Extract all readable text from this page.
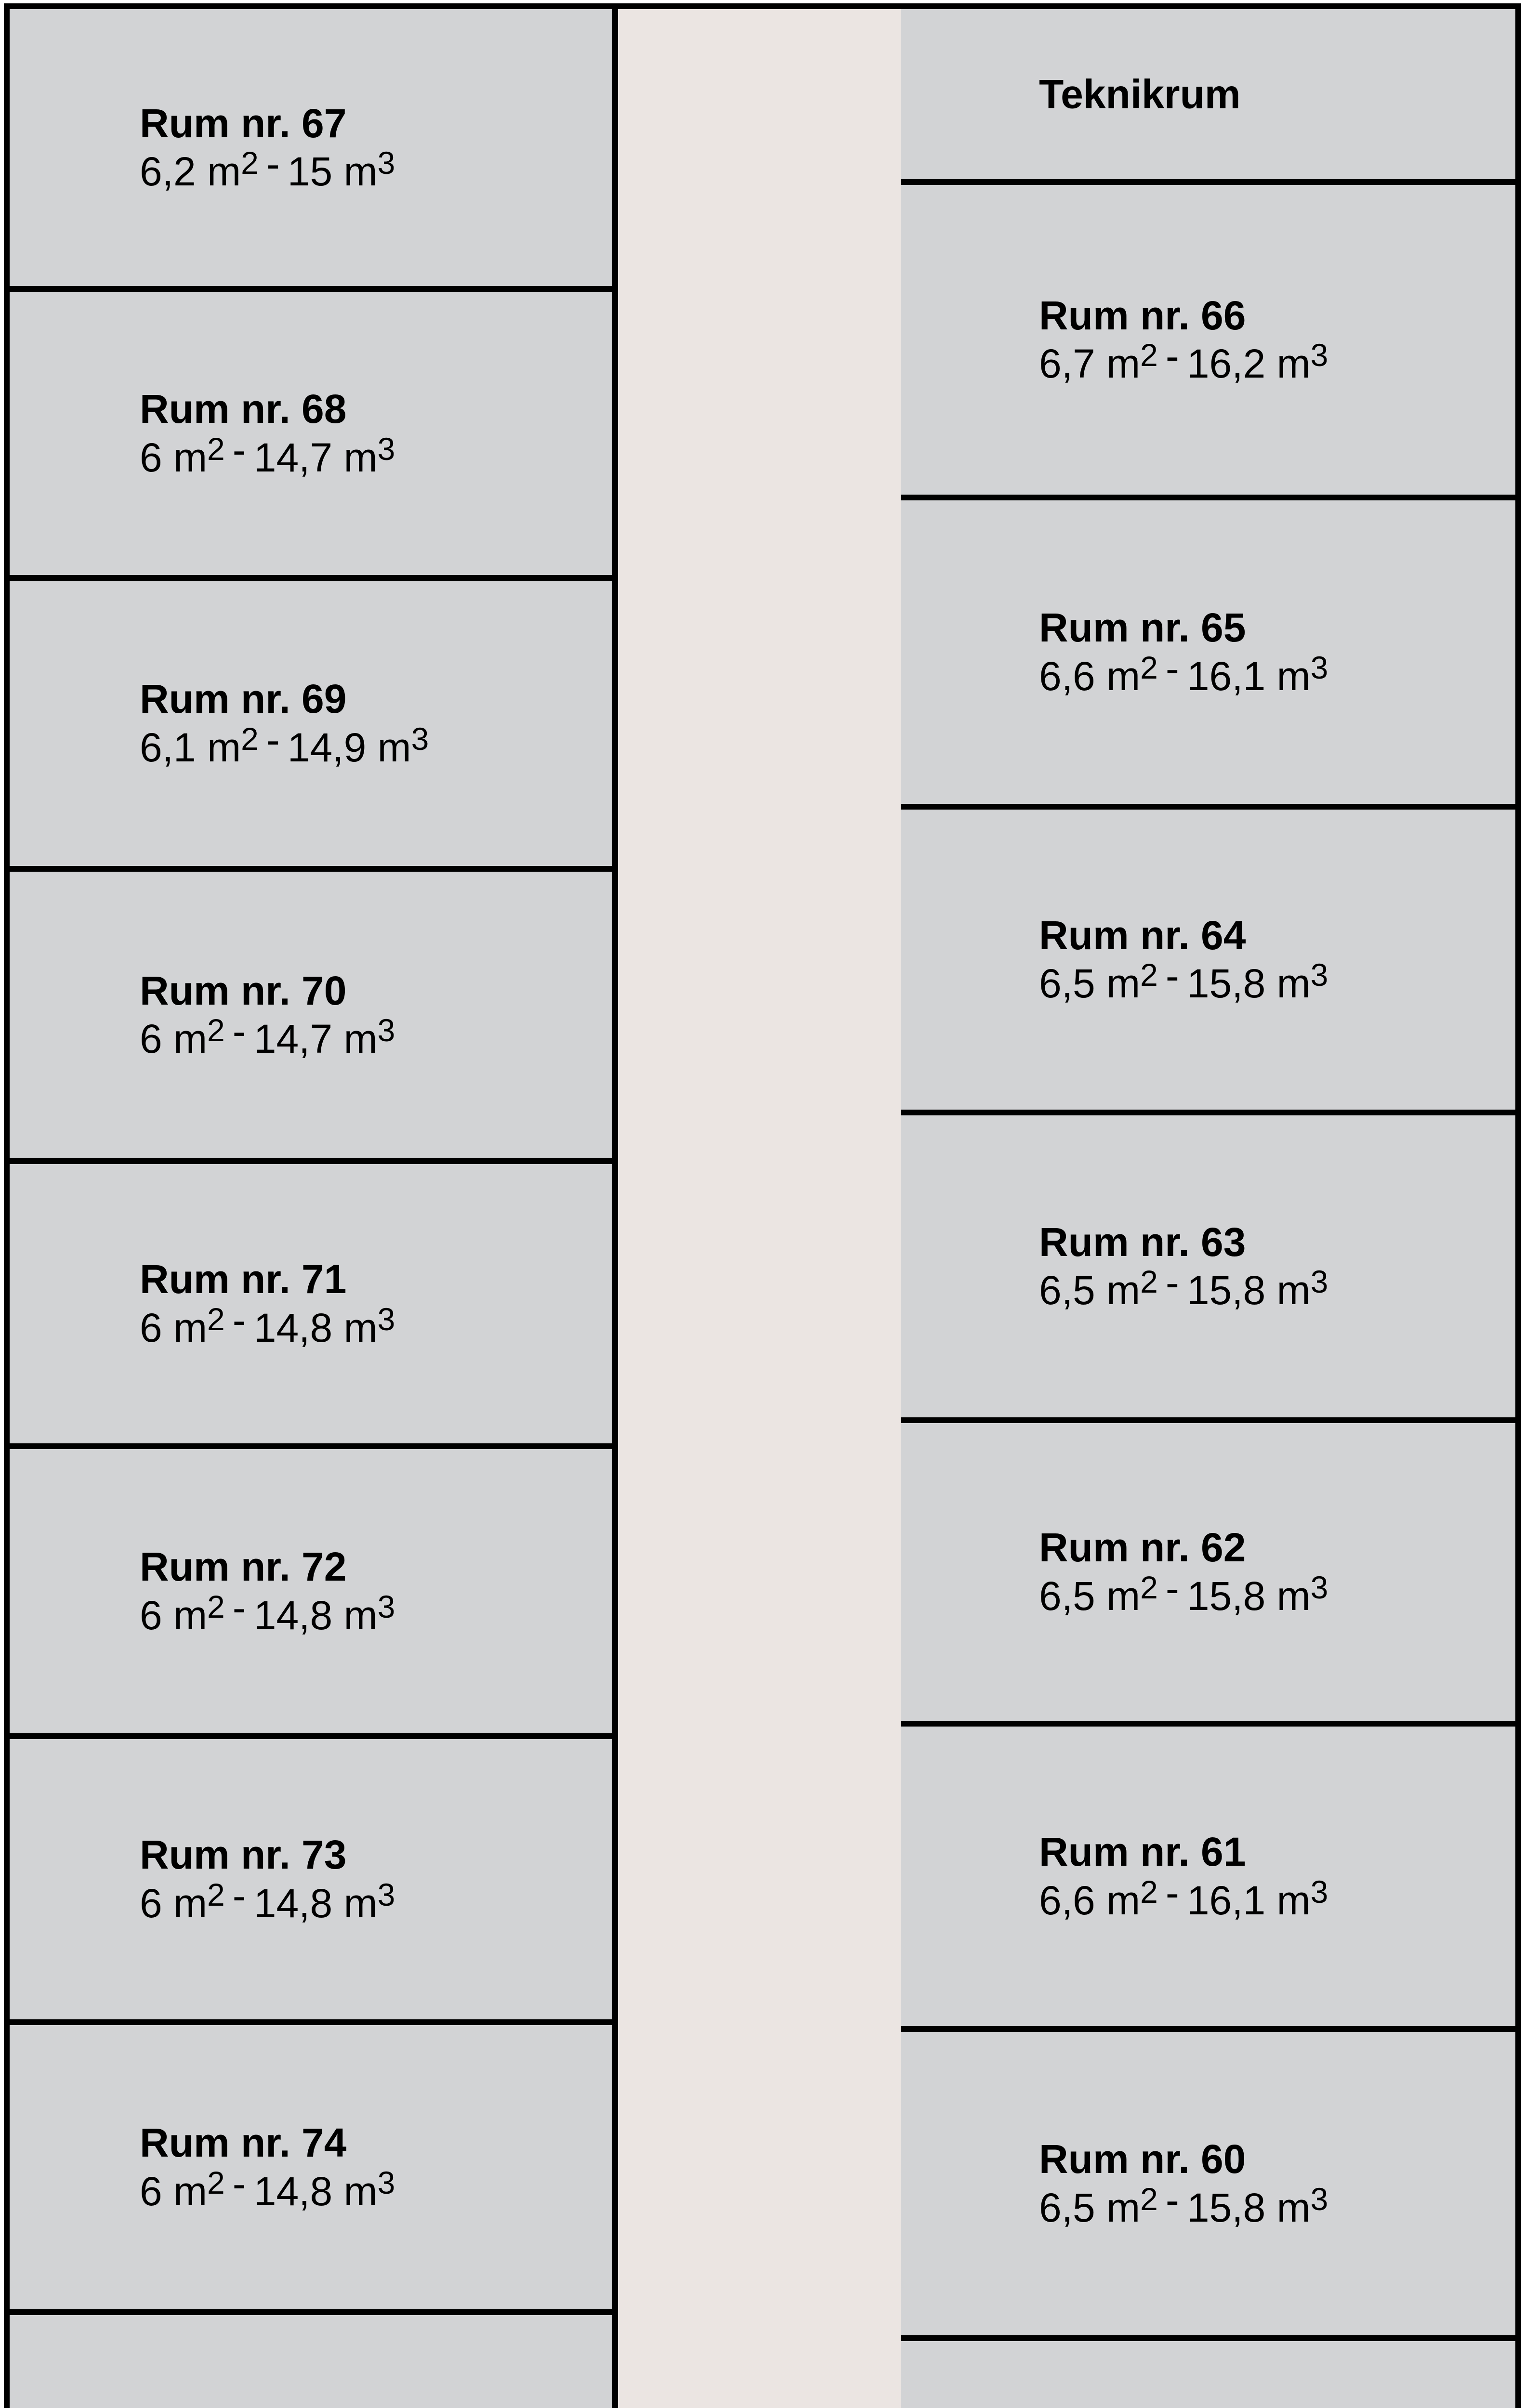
Rum nr. 67
6,2 $m^2 - 15$ $m^3$
Rum nr. 68
6 $m^2 - 14,7$ $m^3$
Rum nr. 69
6,1 $m^2 - 14,9$ $m^3$
Rum nr. 70
6 $m^2 - 14,7$ $m^3$
Rum nr. 71
6 $m^2 - 14,8$ $m^3$
Rum nr. 72
6 $m^2 - 14,8$ $m^3$
Rum nr. 73
6 $m^2 - 14,8$ $m^3$
Rum nr. 74
6 $m^2 - 14,8$ $m^3$
Teknikrum
Rum nr. 66
6,7 $m^2 - 16,2$ $m^3$
Rum nr. 65
6,6 $m^2 - 16,1$ $m^3$
Rum nr. 64
6,5 $m^2 - 15,8$ $m^3$
Rum nr. 63
6,5 $m^2 - 15,8$ $m^3$
Rum nr. 62
6,5 $m^2 - 15,8$ $m^3$
Rum nr. 61
6,6 $m^2 - 16,1$ $m^3$
Rum nr. 60
6,5 $m^2 - 15,8$ $m^3$
